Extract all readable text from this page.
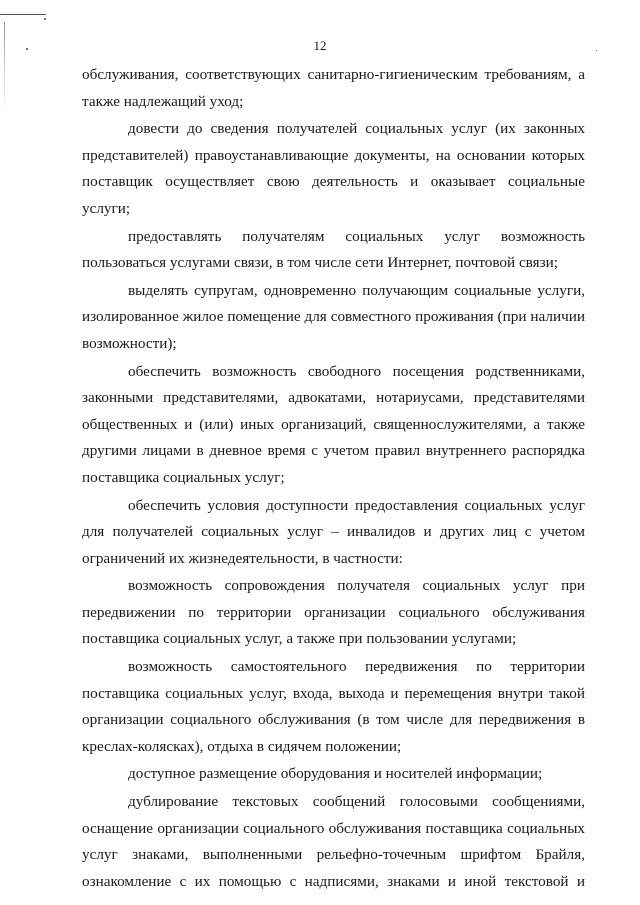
12

обслуживания, соответствующих санитарно-гигиеническим требованиям, а также надлежащий уход;

довести до сведения получателей социальных услуг (их законных представителей) правоустанавливающие документы, на основании которых поставщик осуществляет свою деятельность и оказывает социальные услуги;

предоставлять получателям социальных услуг возможность пользоваться услугами связи, в том числе сети Интернет, почтовой связи;

выделять супругам, одновременно получающим социальные услуги, изолированное жилое помещение для совместного проживания (при наличии возможности);

обеспечить возможность свободного посещения родственниками, законными представителями, адвокатами, нотариусами, представителями общественных и (или) иных организаций, священнослужителями, а также другими лицами в дневное время с учетом правил внутреннего распорядка поставщика социальных услуг;

обеспечить условия доступности предоставления социальных услуг для получателей социальных услуг – инвалидов и других лиц с учетом ограничений их жизнедеятельности, в частности:

возможность сопровождения получателя социальных услуг при передвижении по территории организации социального обслуживания поставщика социальных услуг, а также при пользовании услугами;

возможность самостоятельного передвижения по территории поставщика социальных услуг, входа, выхода и перемещения внутри такой организации социального обслуживания (в том числе для передвижения в креслах-колясках), отдыха в сидячем положении;

доступное размещение оборудования и носителей информации;

дублирование текстовых сообщений голосовыми сообщениями, оснащение организации социального обслуживания поставщика социальных услуг знаками, выполненными рельефно-точечным шрифтом Брайля, ознакомление с их помощью с надписями, знаками и иной текстовой и
